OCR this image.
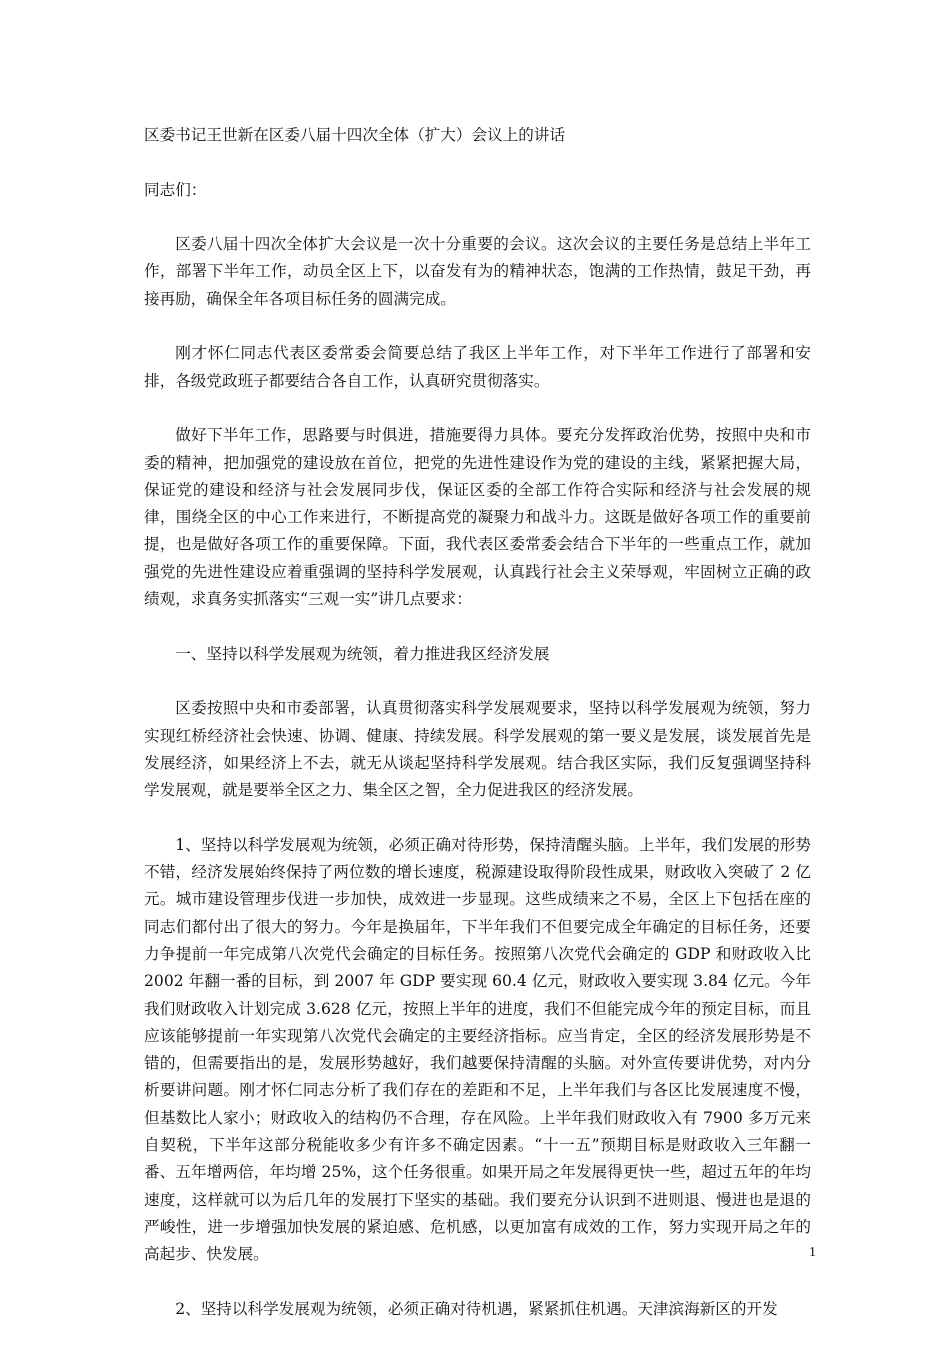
区委书记王世新在区委八届十四次全体（扩大）会议上的讲话

同志们：

区委八届十四次全体扩大会议是一次十分重要的会议。这次会议的主要任务是总结上半年工作，部署下半年工作，动员全区上下，以奋发有为的精神状态，饱满的工作热情，鼓足干劲，再接再励，确保全年各项目标任务的圆满完成。

刚才怀仁同志代表区委常委会简要总结了我区上半年工作，对下半年工作进行了部署和安排，各级党政班子都要结合各自工作，认真研究贯彻落实。

做好下半年工作，思路要与时俱进，措施要得力具体。要充分发挥政治优势，按照中央和市委的精神，把加强党的建设放在首位，把党的先进性建设作为党的建设的主线，紧紧把握大局，保证党的建设和经济与社会发展同步伐，保证区委的全部工作符合实际和经济与社会发展的规律，围绕全区的中心工作来进行，不断提高党的凝聚力和战斗力。这既是做好各项工作的重要前提，也是做好各项工作的重要保障。下面，我代表区委常委会结合下半年的一些重点工作，就加强党的先进性建设应着重强调的坚持科学发展观，认真践行社会主义荣辱观，牢固树立正确的政绩观，求真务实抓落实“三观一实”讲几点要求：

一、坚持以科学发展观为统领，着力推进我区经济发展

区委按照中央和市委部署，认真贯彻落实科学发展观要求，坚持以科学发展观为统领，努力实现红桥经济社会快速、协调、健康、持续发展。科学发展观的第一要义是发展，谈发展首先是发展经济，如果经济上不去，就无从谈起坚持科学发展观。结合我区实际，我们反复强调坚持科学发展观，就是要举全区之力、集全区之智，全力促进我区的经济发展。

1、坚持以科学发展观为统领，必须正确对待形势，保持清醒头脑。上半年，我们发展的形势不错，经济发展始终保持了两位数的增长速度，税源建设取得阶段性成果，财政收入突破了 2 亿元。城市建设管理步伐进一步加快，成效进一步显现。这些成绩来之不易，全区上下包括在座的同志们都付出了很大的努力。今年是换届年，下半年我们不但要完成全年确定的目标任务，还要力争提前一年完成第八次党代会确定的目标任务。按照第八次党代会确定的 GDP 和财政收入比 2002 年翻一番的目标，到 2007 年 GDP 要实现 60.4 亿元，财政收入要实现 3.84 亿元。今年我们财政收入计划完成 3.628 亿元，按照上半年的进度，我们不但能完成今年的预定目标，而且应该能够提前一年实现第八次党代会确定的主要经济指标。应当肯定，全区的经济发展形势是不错的，但需要指出的是，发展形势越好，我们越要保持清醒的头脑。对外宣传要讲优势，对内分析要讲问题。刚才怀仁同志分析了我们存在的差距和不足，上半年我们与各区比发展速度不慢，但基数比人家小；财政收入的结构仍不合理，存在风险。上半年我们财政收入有 7900 多万元来自契税，下半年这部分税能收多少有许多不确定因素。“十一五”预期目标是财政收入三年翻一番、五年增两倍，年均增 25%，这个任务很重。如果开局之年发展得更快一些，超过五年的年均速度，这样就可以为后几年的发展打下坚实的基础。我们要充分认识到不进则退、慢进也是退的严峻性，进一步增强加快发展的紧迫感、危机感，以更加富有成效的工作，努力实现开局之年的高起步、快发展。

2、坚持以科学发展观为统领，必须正确对待机遇，紧紧抓住机遇。天津滨海新区的开发

1
